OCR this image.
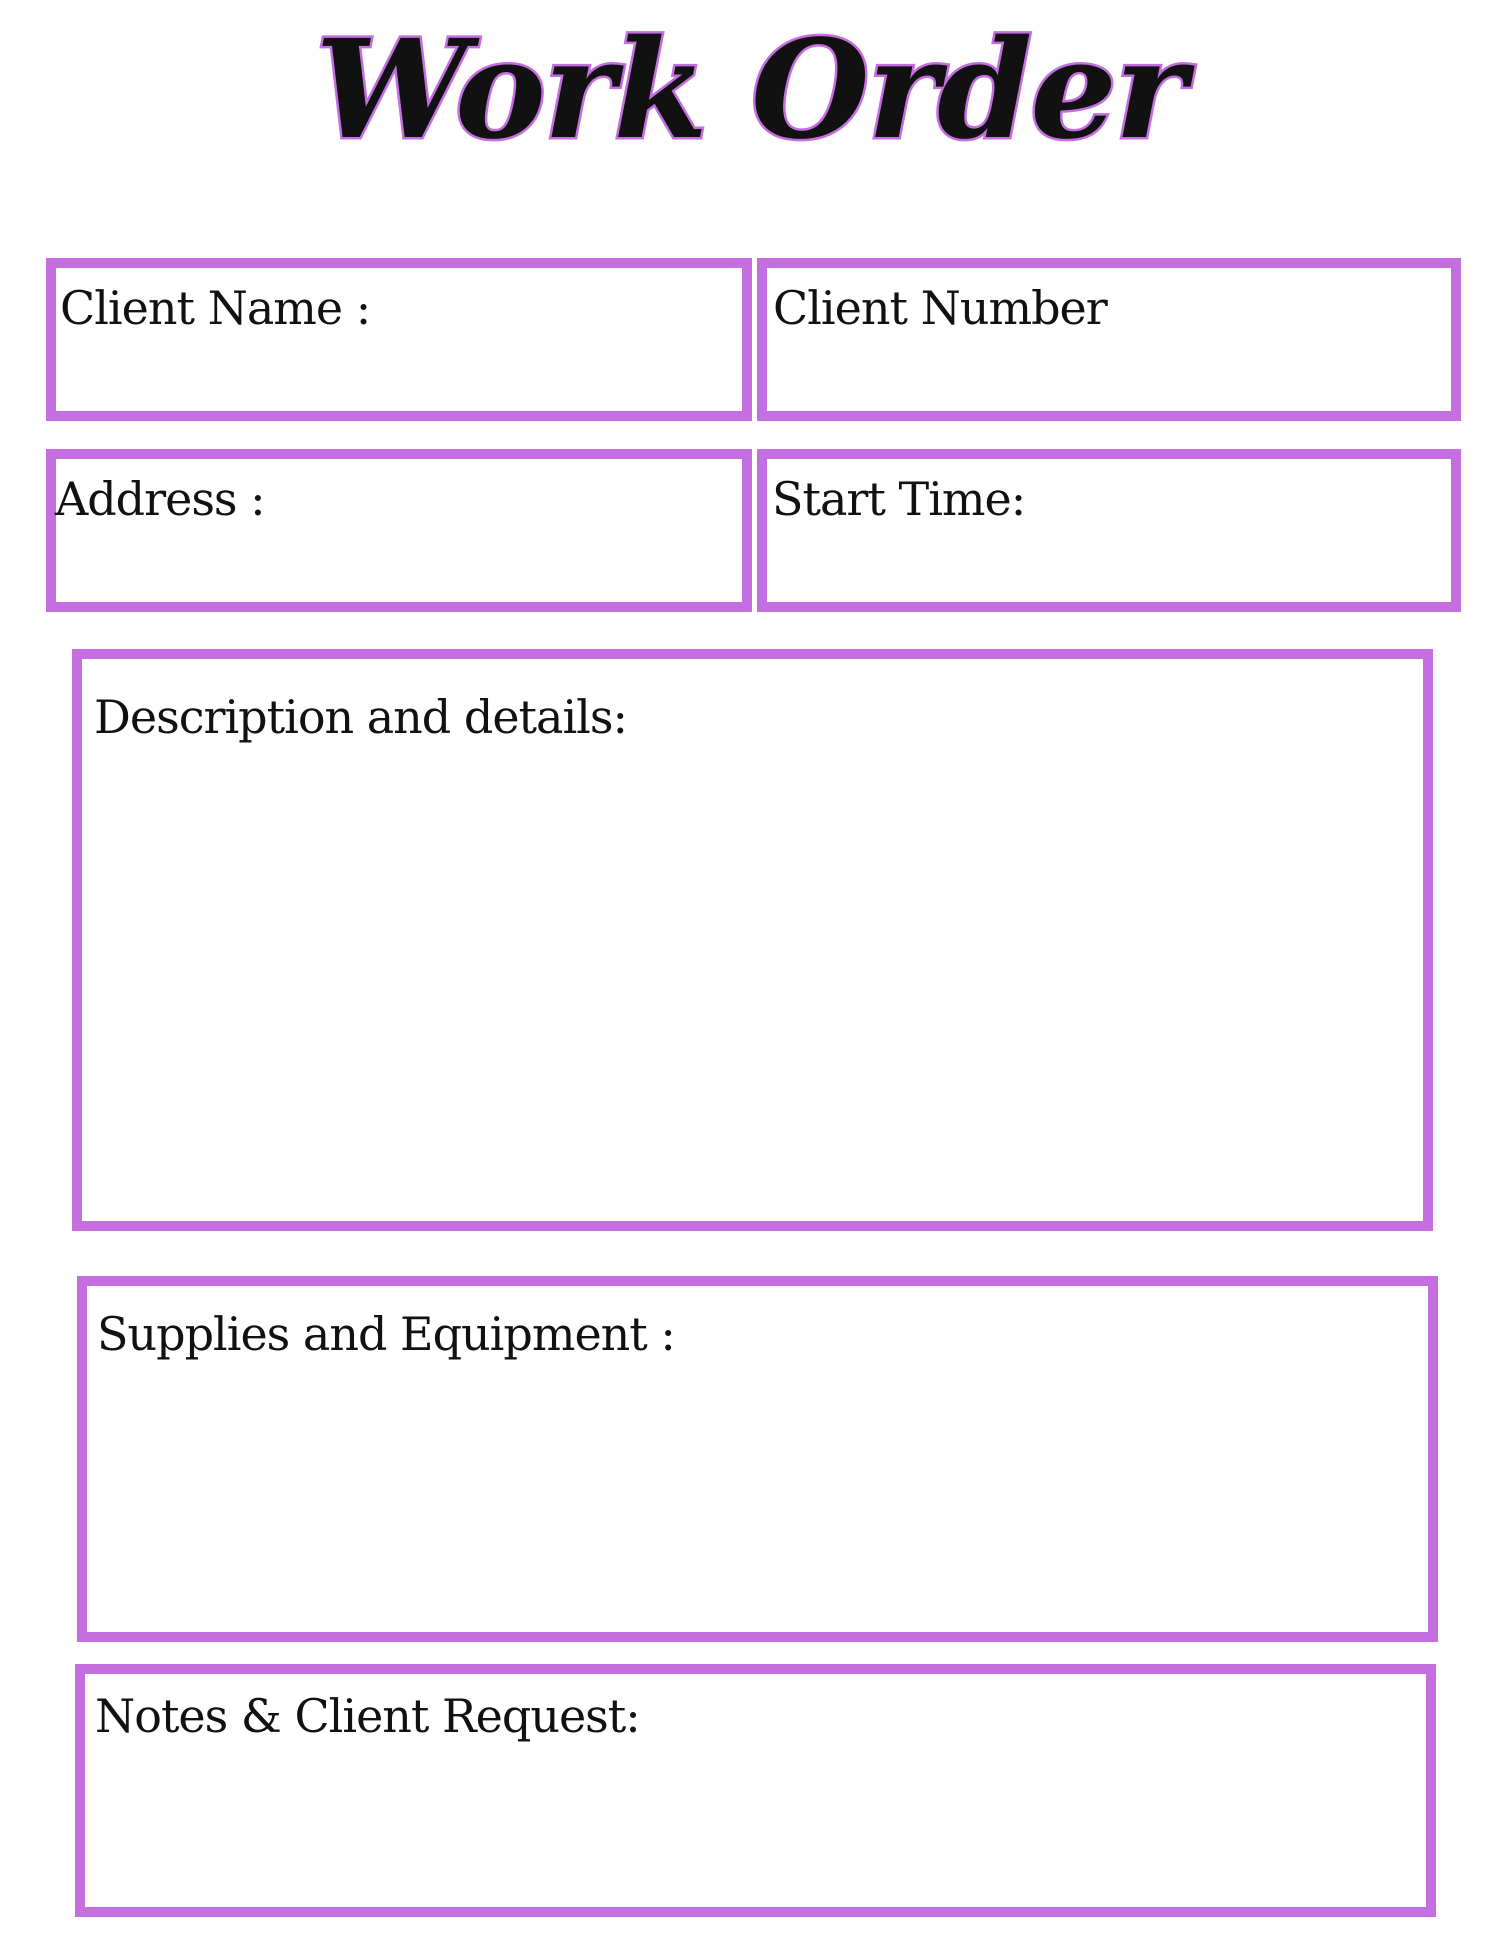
Work Order
Client Name :	Client Number
Address :	Start Time:
Description and details:
Supplies and Equipment :
Notes & Client Request:
